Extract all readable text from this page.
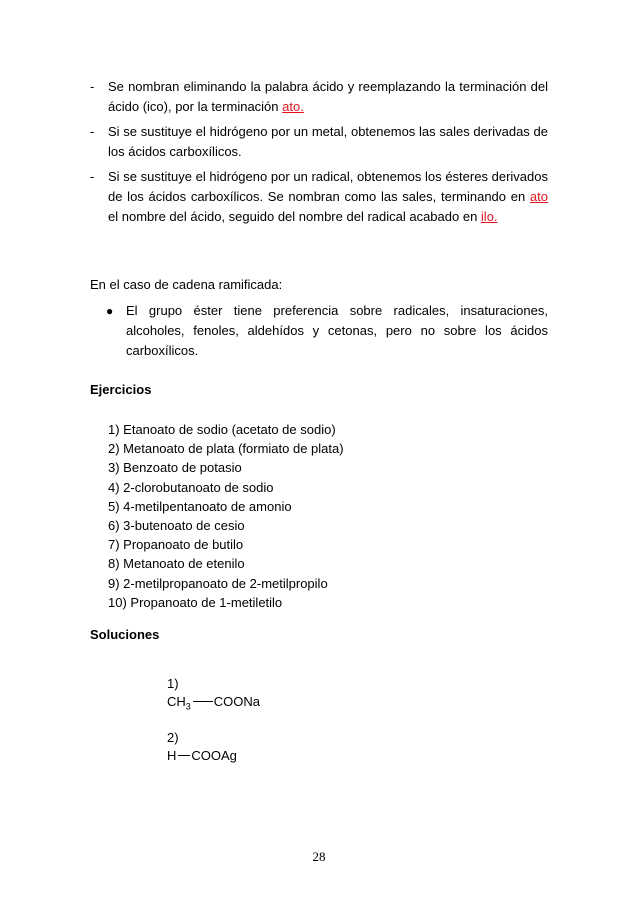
- Se nombran eliminando la palabra ácido y reemplazando la terminación del ácido (ico), por la terminación ato.
- Si se sustituye el hidrógeno por un metal, obtenemos las sales derivadas de los ácidos carboxílicos.
- Si se sustituye el hidrógeno por un radical, obtenemos los ésteres derivados de los ácidos carboxílicos. Se nombran como las sales, terminando en ato el nombre del ácido, seguido del nombre del radical acabado en ilo.
En el caso de cadena ramificada:
● El grupo éster tiene preferencia sobre radicales, insaturaciones, alcoholes, fenoles, aldehídos y cetonas, pero no sobre los ácidos carboxílicos.
Ejercicios
1) Etanoato de sodio (acetato de sodio)
2) Metanoato de plata (formiato de plata)
3) Benzoato de potasio
4) 2-clorobutanoato de sodio
5) 4-metilpentanoato de amonio
6) 3-butenoato de cesio
7) Propanoato de butilo
8) Metanoato de etenilo
9) 2-metilpropanoato de 2-metilpropilo
10) Propanoato de 1-metiletilo
Soluciones
1)
$CH_3$ COONa
2)
H COOAg
28
